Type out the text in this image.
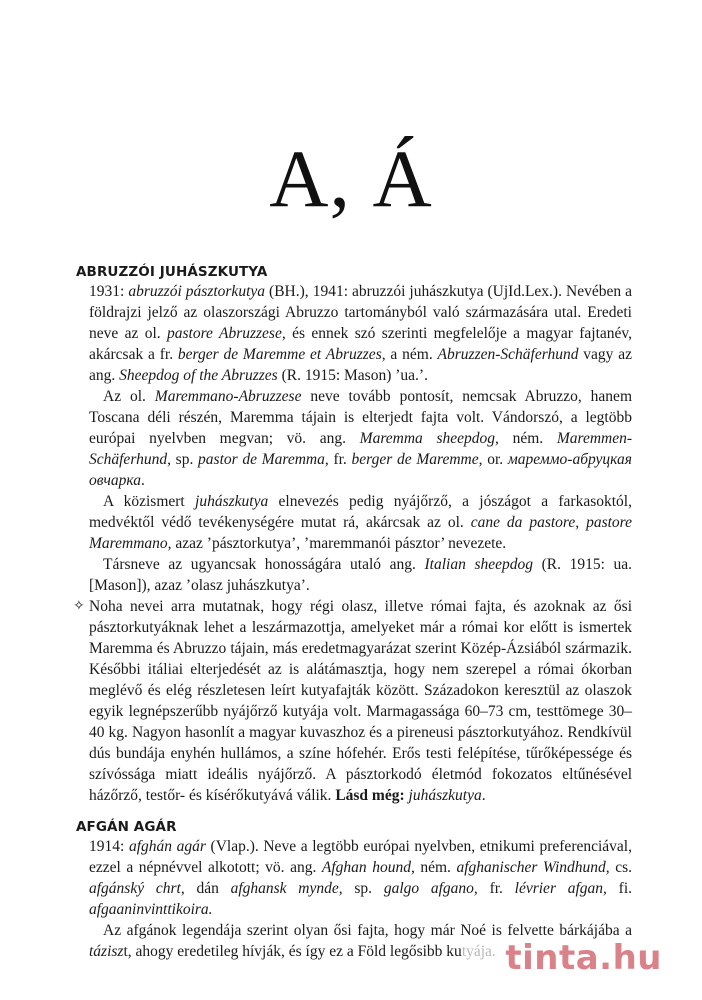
A, Á
ABRUZZÓI JUHÁSZKUTYA

1931: abruzzói pásztorkutya (BH.), 1941: abruzzói juhászkutya (UjId.Lex.). Nevében a földrajzi jelző az olaszországi Abruzzo tartományból való származására utal. Eredeti neve az ol. pastore Abruzzese, és ennek szó szerinti megfelelője a magyar fajtanév, akárcsak a fr. berger de Maremme et Abruzzes, a ném. Abruzzen-Schäferhund vagy az ang. Sheepdog of the Abruzzes (R. 1915: Mason) ’ua.’.

Az ol. Maremmano-Abruzzese neve tovább pontosít, nemcsak Abruzzo, hanem Toscana déli részén, Maremma tájain is elterjedt fajta volt. Vándorszó, a legtöbb európai nyelvben megvan; vö. ang. Maremma sheepdog, ném. Maremmen-Schäferhund, sp. pastor de Maremma, fr. berger de Maremme, or. мареммо-абруцкая овчарка.

A közismert juhászkutya elnevezés pedig nyájőrző, a jószágot a farkasoktól, medvéktől védő tevékenységére mutat rá, akárcsak az ol. cane da pastore, pastore Maremmano, azaz ’pásztorkutya’, ’maremmanói pásztor’ nevezete.

Társneve az ugyancsak honosságára utaló ang. Italian sheepdog (R. 1915: ua. [Mason]), azaz ’olasz juhászkutya’.

✧ Noha nevei arra mutatnak, hogy régi olasz, illetve római fajta, és azoknak az ősi pásztorkutyáknak lehet a leszármazottja, amelyeket már a római kor előtt is ismertek Maremma és Abruzzo tájain, más eredetmagyarázat szerint Közép-Ázsiából származik. Későbbi itáliai elterjedését az is alátámasztja, hogy nem szerepel a római ókorban meglévő és elég részletesen leírt kutyafajták között. Századokon keresztül az olaszok egyik legnépszerűbb nyájőrző kutyája volt. Marmagassága 60–73 cm, testtömege 30–40 kg. Nagyon hasonlít a magyar kuvaszhoz és a pireneusi pásztorkutyához. Rendkívül dús bundája enyhén hullámos, a színe hófehér. Erős testi felépítése, tűrőképessége és szívóssága miatt ideális nyájőrző. A pásztorkodó életmód fokozatos eltűnésével házőrző, testőr- és kísérőkutyává válik. Lásd még: juhászkutya.

AFGÁN AGÁR

1914: afghán agár (Vlap.). Neve a legtöbb európai nyelvben, etnikumi preferenciával, ezzel a népnévvel alkotott; vö. ang. Afghan hound, ném. afghanischer Windhund, cs. afgánský chrt, dán afghansk mynde, sp. galgo afgano, fr. lévrier afgan, fi. afgaaninvinttikoira.

Az afgánok legendája szerint olyan ősi fajta, hogy már Noé is felvette bárkájába a táziszt, ahogy eredetileg hívják, és így ez a Föld legősibb kutyája. tinta.hu
